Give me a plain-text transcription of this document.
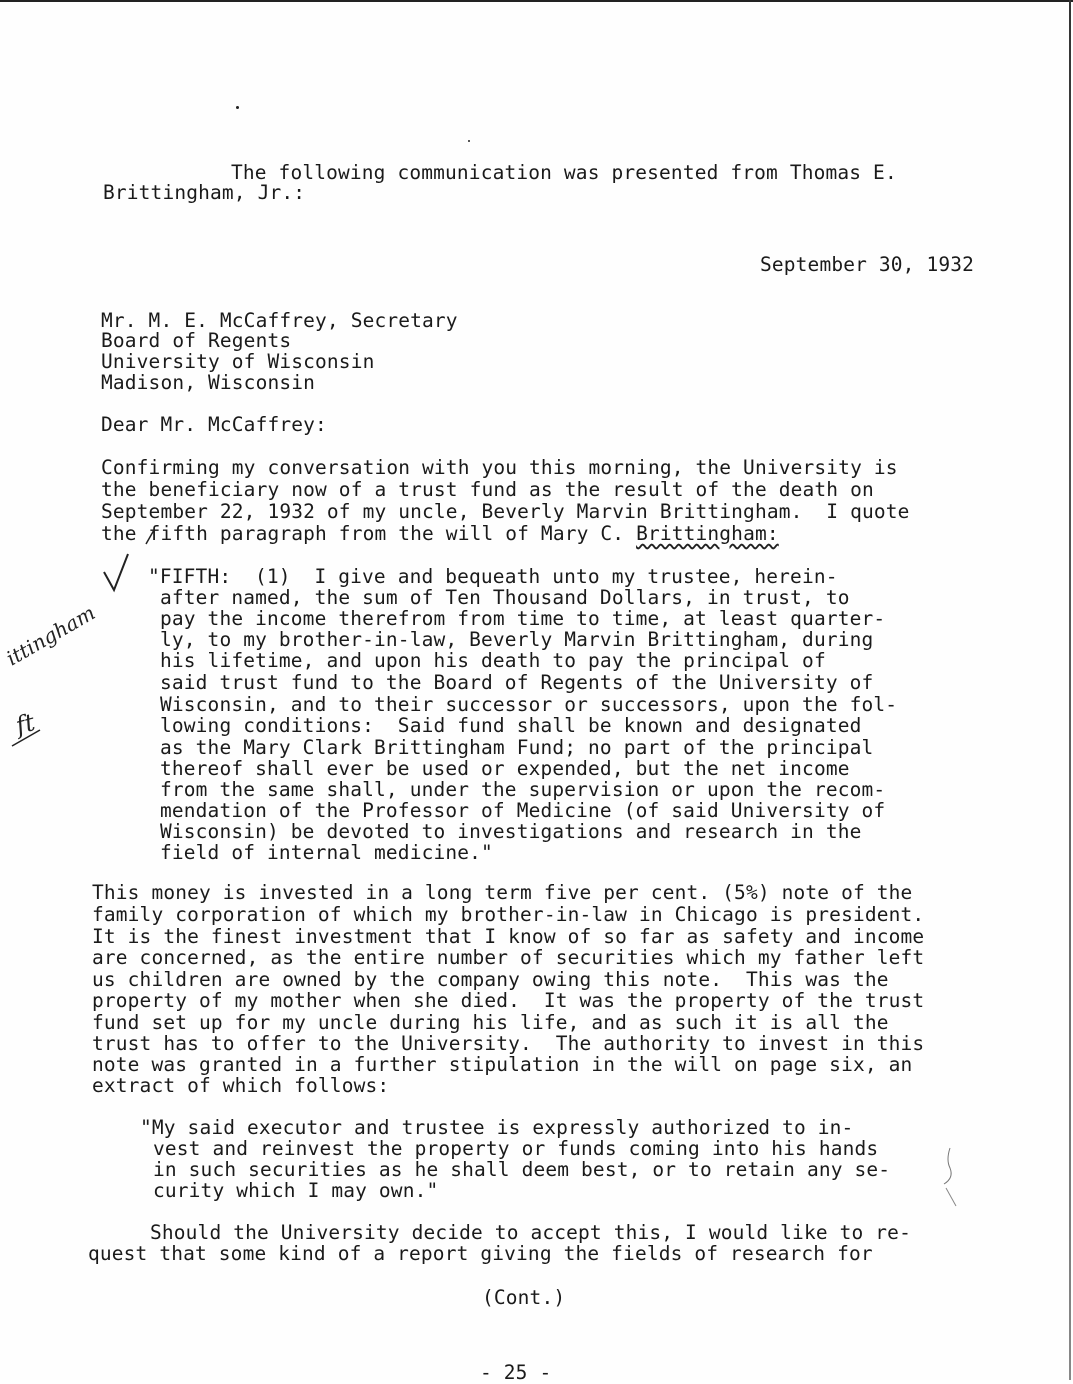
The following communication was presented from Thomas E.
Brittingham, Jr.:
September 30, 1932
Mr. M. E. McCaffrey, Secretary
Board of Regents
University of Wisconsin
Madison, Wisconsin
Dear Mr. McCaffrey:
Confirming my conversation with you this morning, the University is
the beneficiary now of a trust fund as the result of the death on
September 22, 1932 of my uncle, Beverly Marvin Brittingham.  I quote
the fifth paragraph from the will of Mary C. Brittingham:
"FIFTH:  (1)  I give and bequeath unto my trustee, herein-
after named, the sum of Ten Thousand Dollars, in trust, to
pay the income therefrom from time to time, at least quarter-
ly, to my brother-in-law, Beverly Marvin Brittingham, during
his lifetime, and upon his death to pay the principal of
said trust fund to the Board of Regents of the University of
Wisconsin, and to their successor or successors, upon the fol-
lowing conditions:  Said fund shall be known and designated
as the Mary Clark Brittingham Fund; no part of the principal
thereof shall ever be used or expended, but the net income
from the same shall, under the supervision or upon the recom-
mendation of the Professor of Medicine (of said University of
Wisconsin) be devoted to investigations and research in the
field of internal medicine."
This money is invested in a long term five per cent. (5%) note of the
family corporation of which my brother-in-law in Chicago is president.
It is the finest investment that I know of so far as safety and income
are concerned, as the entire number of securities which my father left
us children are owned by the company owing this note.  This was the
property of my mother when she died.  It was the property of the trust
fund set up for my uncle during his life, and as such it is all the
trust has to offer to the University.  The authority to invest in this
note was granted in a further stipulation in the will on page six, an
extract of which follows:
"My said executor and trustee is expressly authorized to in-
vest and reinvest the property or funds coming into his hands
in such securities as he shall deem best, or to retain any se-
curity which I may own."
Should the University decide to accept this, I would like to re-
quest that some kind of a report giving the fields of research for
(Cont.)
- 25 -
ittingham
ft
